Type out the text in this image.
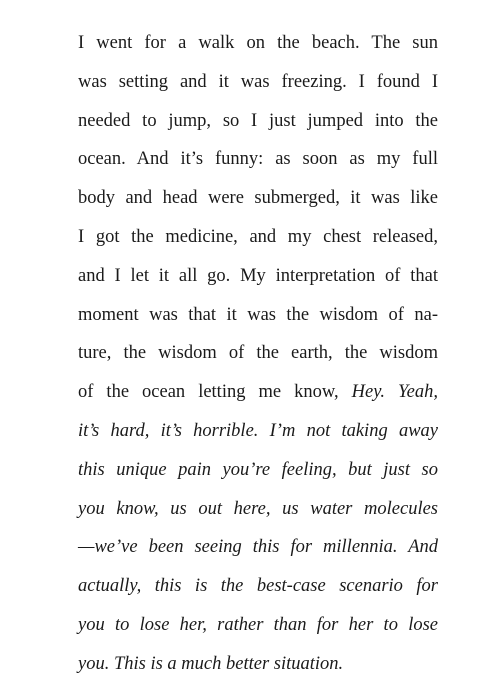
I went for a walk on the beach. The sun
was setting and it was freezing. I found I
needed to jump, so I just jumped into the
ocean. And it’s funny: as soon as my full
body and head were submerged, it was like
I got the medicine, and my chest released,
and I let it all go. My interpretation of that
moment was that it was the wisdom of na-
ture, the wisdom of the earth, the wisdom
of the ocean letting me know, Hey. Yeah,
it’s hard, it’s horrible. I’m not taking away
this unique pain you’re feeling, but just so
you know, us out here, us water molecules
—we’ve been seeing this for millennia. And
actually, this is the best-case scenario for
you to lose her, rather than for her to lose
you. This is a much better situation.
